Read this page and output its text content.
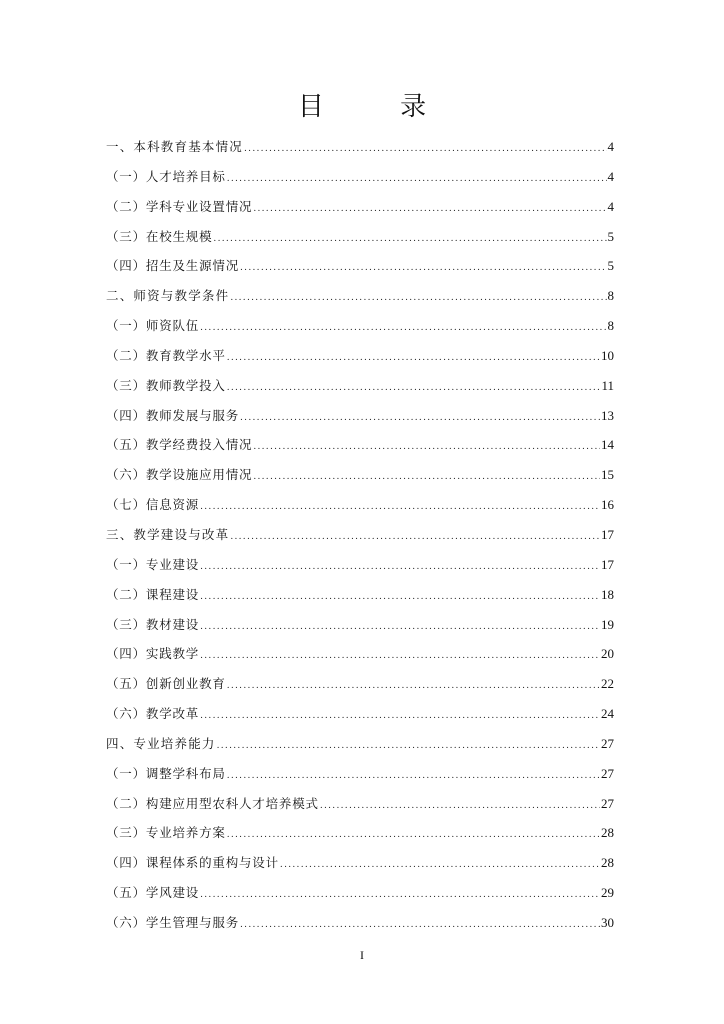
目 录
一、本科教育基本情况 .....	4
（一）人才培养目标 .....	4
（二）学科专业设置情况 .....	4
（三）在校生规模 .....	5
（四）招生及生源情况 .....	5
二、师资与教学条件 .....	8
（一）师资队伍 .....	8
（二）教育教学水平 .....	10
（三）教师教学投入 .....	11
（四）教师发展与服务 .....	13
（五）教学经费投入情况 .....	14
（六）教学设施应用情况 .....	15
（七）信息资源 .....	16
三、教学建设与改革 .....	17
（一）专业建设 .....	17
（二）课程建设 .....	18
（三）教材建设 .....	19
（四）实践教学 .....	20
（五）创新创业教育 .....	22
（六）教学改革 .....	24
四、专业培养能力 .....	27
（一）调整学科布局 .....	27
（二）构建应用型农科人才培养模式 .....	27
（三）专业培养方案 .....	28
（四）课程体系的重构与设计 .....	28
（五）学风建设 .....	29
（六）学生管理与服务 .....	30
I
